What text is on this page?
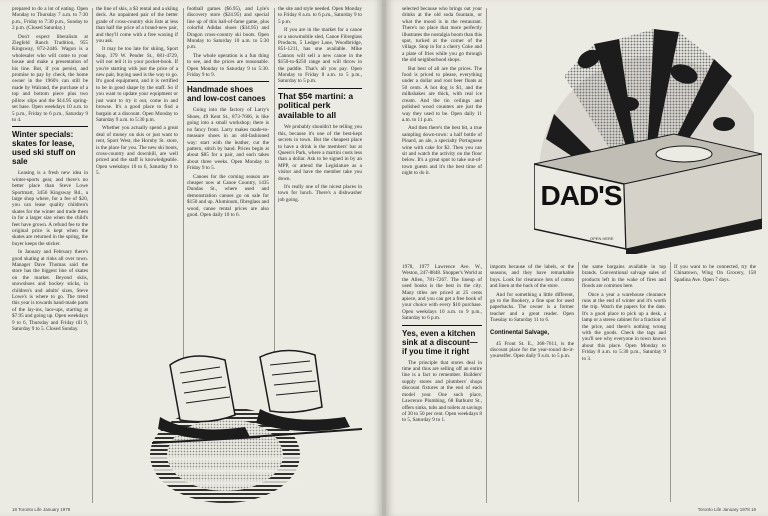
prepared to do a lot of eating. Open Monday to Thursday 7 a.m. to 7:30 p.m., Friday to 7:30 p.m., Sunday to 2 p.m. (Closed Saturday.)

Don't expect liberalism at Ziegfeld Ranch Tradition, 955 Kingsway, 872-2446. Wagon is a wholesaler who will come to your house and make a presentation of his line. But, if you persist, and promise to pay by check, the home owner in the 1960's can still be made by Walrand, the purchase of a top and bottom piece plus two pillow slips and the $14.95 spring-set base. Open weekdays 10 a.m. to 5 p.m., Friday to 6 p.m., Saturday 9 to 4.

Winter specials: skates for lease, used ski stuff on sale

Leasing is a fresh new idea in winter-sports gear, and there's no better place than Steve Lowe Sportmart, 3456 Kingsway Rd., a large shop where, for a fee of $20, you can lease quality children's skates for the winter and trade them in for a larger size when the child's feet have grown. A refund fee to the original price is kept when the skates are returned in the spring, the buyer keeps the sticker.

In January and February there's good skating at rinks all over town. Manager Dave Thomas said the store has the biggest line of skates on the market. Beyond skiis, snowshoes and hockey sticks, in children's and adults' sizes, Steve Lowe's is where to go. The trend this year is towards hand-made parts of the lay-ins, lace-ups, starting at $7.95 and going up. Open weekdays 9 to 6, Thursday and Friday till 9, Saturday 9 to 5. Closed Sunday.

the line of skis, a $3 rental and a skiing deck. An unpainted pair of the better grade of cross-country skis lists at less than half the price of a brand-new pair, and they'll come with a free waxing if you ask.

It may be too late for skiing, Sport Stop, 379 W. Pender St., 681-4729, will not tell it in your pocket-book. If you're starting with just the price of a new pair, buying used is the way to go. It's good equipment, and it is certified to be in good shape by the staff. So if you want to update your equipment or just want to try it out, come in and browse. It's a good place to find a bargain at a discount. Open Monday to Saturday 9 a.m. to 5:30 p.m.

Whether you actually spend a great deal of money on skis or just want to rent, Sport West, the Hornby St. store, is the place for you. The new ski boots, cross-country and downhill, are well priced and the staff is knowledgeable. Open weekdays 10 to 6, Saturday 9 to 5.

football games ($6.95), and Lyle's discovery store ($24.95) and special line up of this hall-of-fame game, plus colorful Adidas shoes ($34.95) and Dragon cross-country ski boots. Open Monday to Saturday 10 a.m. to 5:30 p.m.

The whole operation is a fun thing to see, and the prices are reasonable. Open Monday to Saturday 9 to 5:30. Friday 9 to 9.

Handmade shoes and low-cost canoes

Going into the factory of Larry's Shoes, 49 Kent St., 873-7666, is like going into a small workshop; there is no fancy front. Larry makes made-to-measure shoes in an old-fashioned way: start with the leather, cut the pattern, stitch by hand. Prices begin at about $85 for a pair, and each takes about three weeks. Open Monday to Friday 9 to 5.

Canoes for the coming season are cheaper now at Canoe Country, 1435 Dundas St., where used and demonstration canoes go on sale for $150 and up. Aluminum, fibreglass and wood, canoe rental prices are also good. Open daily 10 to 6.

the site and style needed. Open Monday to Friday 8 a.m. to 6 p.m., Saturday 9 to 5 p.m.

If you are in the market for a canoe or a snowmobile sled, Canoe Fibreglass Products, 5 Ledger Lane, Woodbridge, 851-1211, has one available. Mike Cannon will sell a new canoe in the $150-to-$250 range and will throw in the paddle. That's all you pay. Open Monday to Friday 8 a.m. to 5 p.m., Saturday to 5 p.m.

That $5¢ martini: a political perk available to all

We probably shouldn't be telling you this, because it's one of the best-kept secrets in town. But the cheapest place to have a drink is the members' bar at Queen's Park, where a martini costs less than a dollar. Ask to be signed in by an MPP, or attend the Legislature as a visitor and have the member take you down.

It's really one of the nicest places in town for lunch. There's a dishwasher job going.

18 Toronto Life January 1978
DAD'S
OPEN HERE

selected because who brings out your drinks at the old soda fountain, or what the mood is in the restaurant. There's no place that more perfectly illustrates the nostalgia boom than this spot, tucked at the corner of the village. Stop in for a cherry Coke and a plate of fries while you go through the old neighborhood shops.

But best of all are the prices. The food is priced to please, everything under a dollar and root beer floats at 50 cents. A hot dog is $1, and the milkshakes are thick, with real ice cream. And the tin ceilings and polished wood counters are just the way they used to be. Open daily 11 a.m. to 11 p.m.

And then there's the best bit, a true sampling down-town: a half bottle of Pinard, an ale, a specialty Portuguese wine with cake for $2. Then you can sit and watch the activity on the floor below. It's a great spot to take out-of-town guests and it's the best time of night to do it.

1978, 1977 Lawrence Ave. W., Weston, 247-8848. Shopper's World at the Allen, 781-7267. The lineup of used books is the best in the city. Many titles are priced at 25 cents apiece, and you can get a free book of your choice with every $10 purchase. Open weekdays 10 a.m. to 9 p.m., Saturday to 6 p.m.

Yes, even a kitchen sink at a discount—if you time it right

The principle that stores deal in time and thus are selling off an entire line is a fact to remember. Builders' supply stores and plumbers' shops discount fixtures at the end of each model year. One such place, Lawrence Plumbing, 68 Bathurst St., offers sinks, tubs and toilets at savings of 30 to 50 per cent. Open weekdays 8 to 5, Saturday 9 to 1.

imports because of the labels, or the seasons, and they have remarkable buys. Look for clearance lots of cotton and linen at the back of the store.

And for something a little different, go to the Bookery, a fine spot for used paperbacks. The owner is a former teacher and a great reader. Open Tuesday to Saturday 11 to 6.

Continental Salvage,

45 Front St. E., 368-7611, is the discount place for the year-round do-it-yourselfer. Open daily 9 a.m. to 5 p.m.

the same bargains available in top brands. Conventional salvage sales of products left in the wake of fires and floods are common here.

Once a year a warehouse clearance runs at the end of winter and it's worth the trip. Watch the papers for the date. It's a good place to pick up a desk, a lamp or a stereo cabinet for a fraction of the price, and there's nothing wrong with the goods. Check the tags and you'll see why everyone in town knows about this place. Open Monday to Friday 8 a.m. to 5:30 p.m., Saturday 9 to 3.

If you want to be connected, try the Chinatown, Wing On Grocery, 158 Spadina Ave. Open 7 days.

Toronto Life January 1978 19
